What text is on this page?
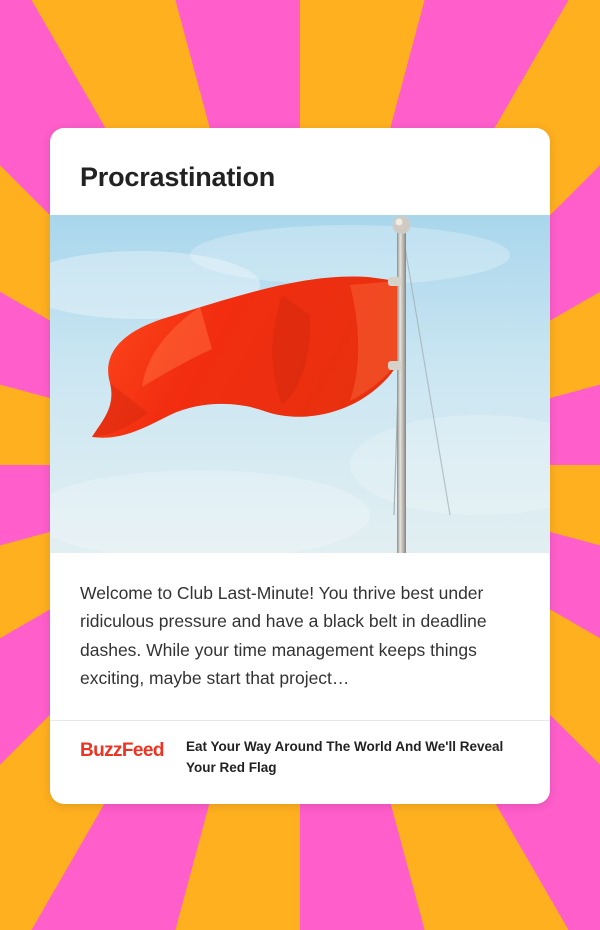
Procrastination

Welcome to Club Last-Minute! You thrive best under ridiculous pressure and have a black belt in deadline dashes. While your time management keeps things exciting, maybe start that project…

BuzzFeed	Eat Your Way Around The World And We'll Reveal Your Red Flag
